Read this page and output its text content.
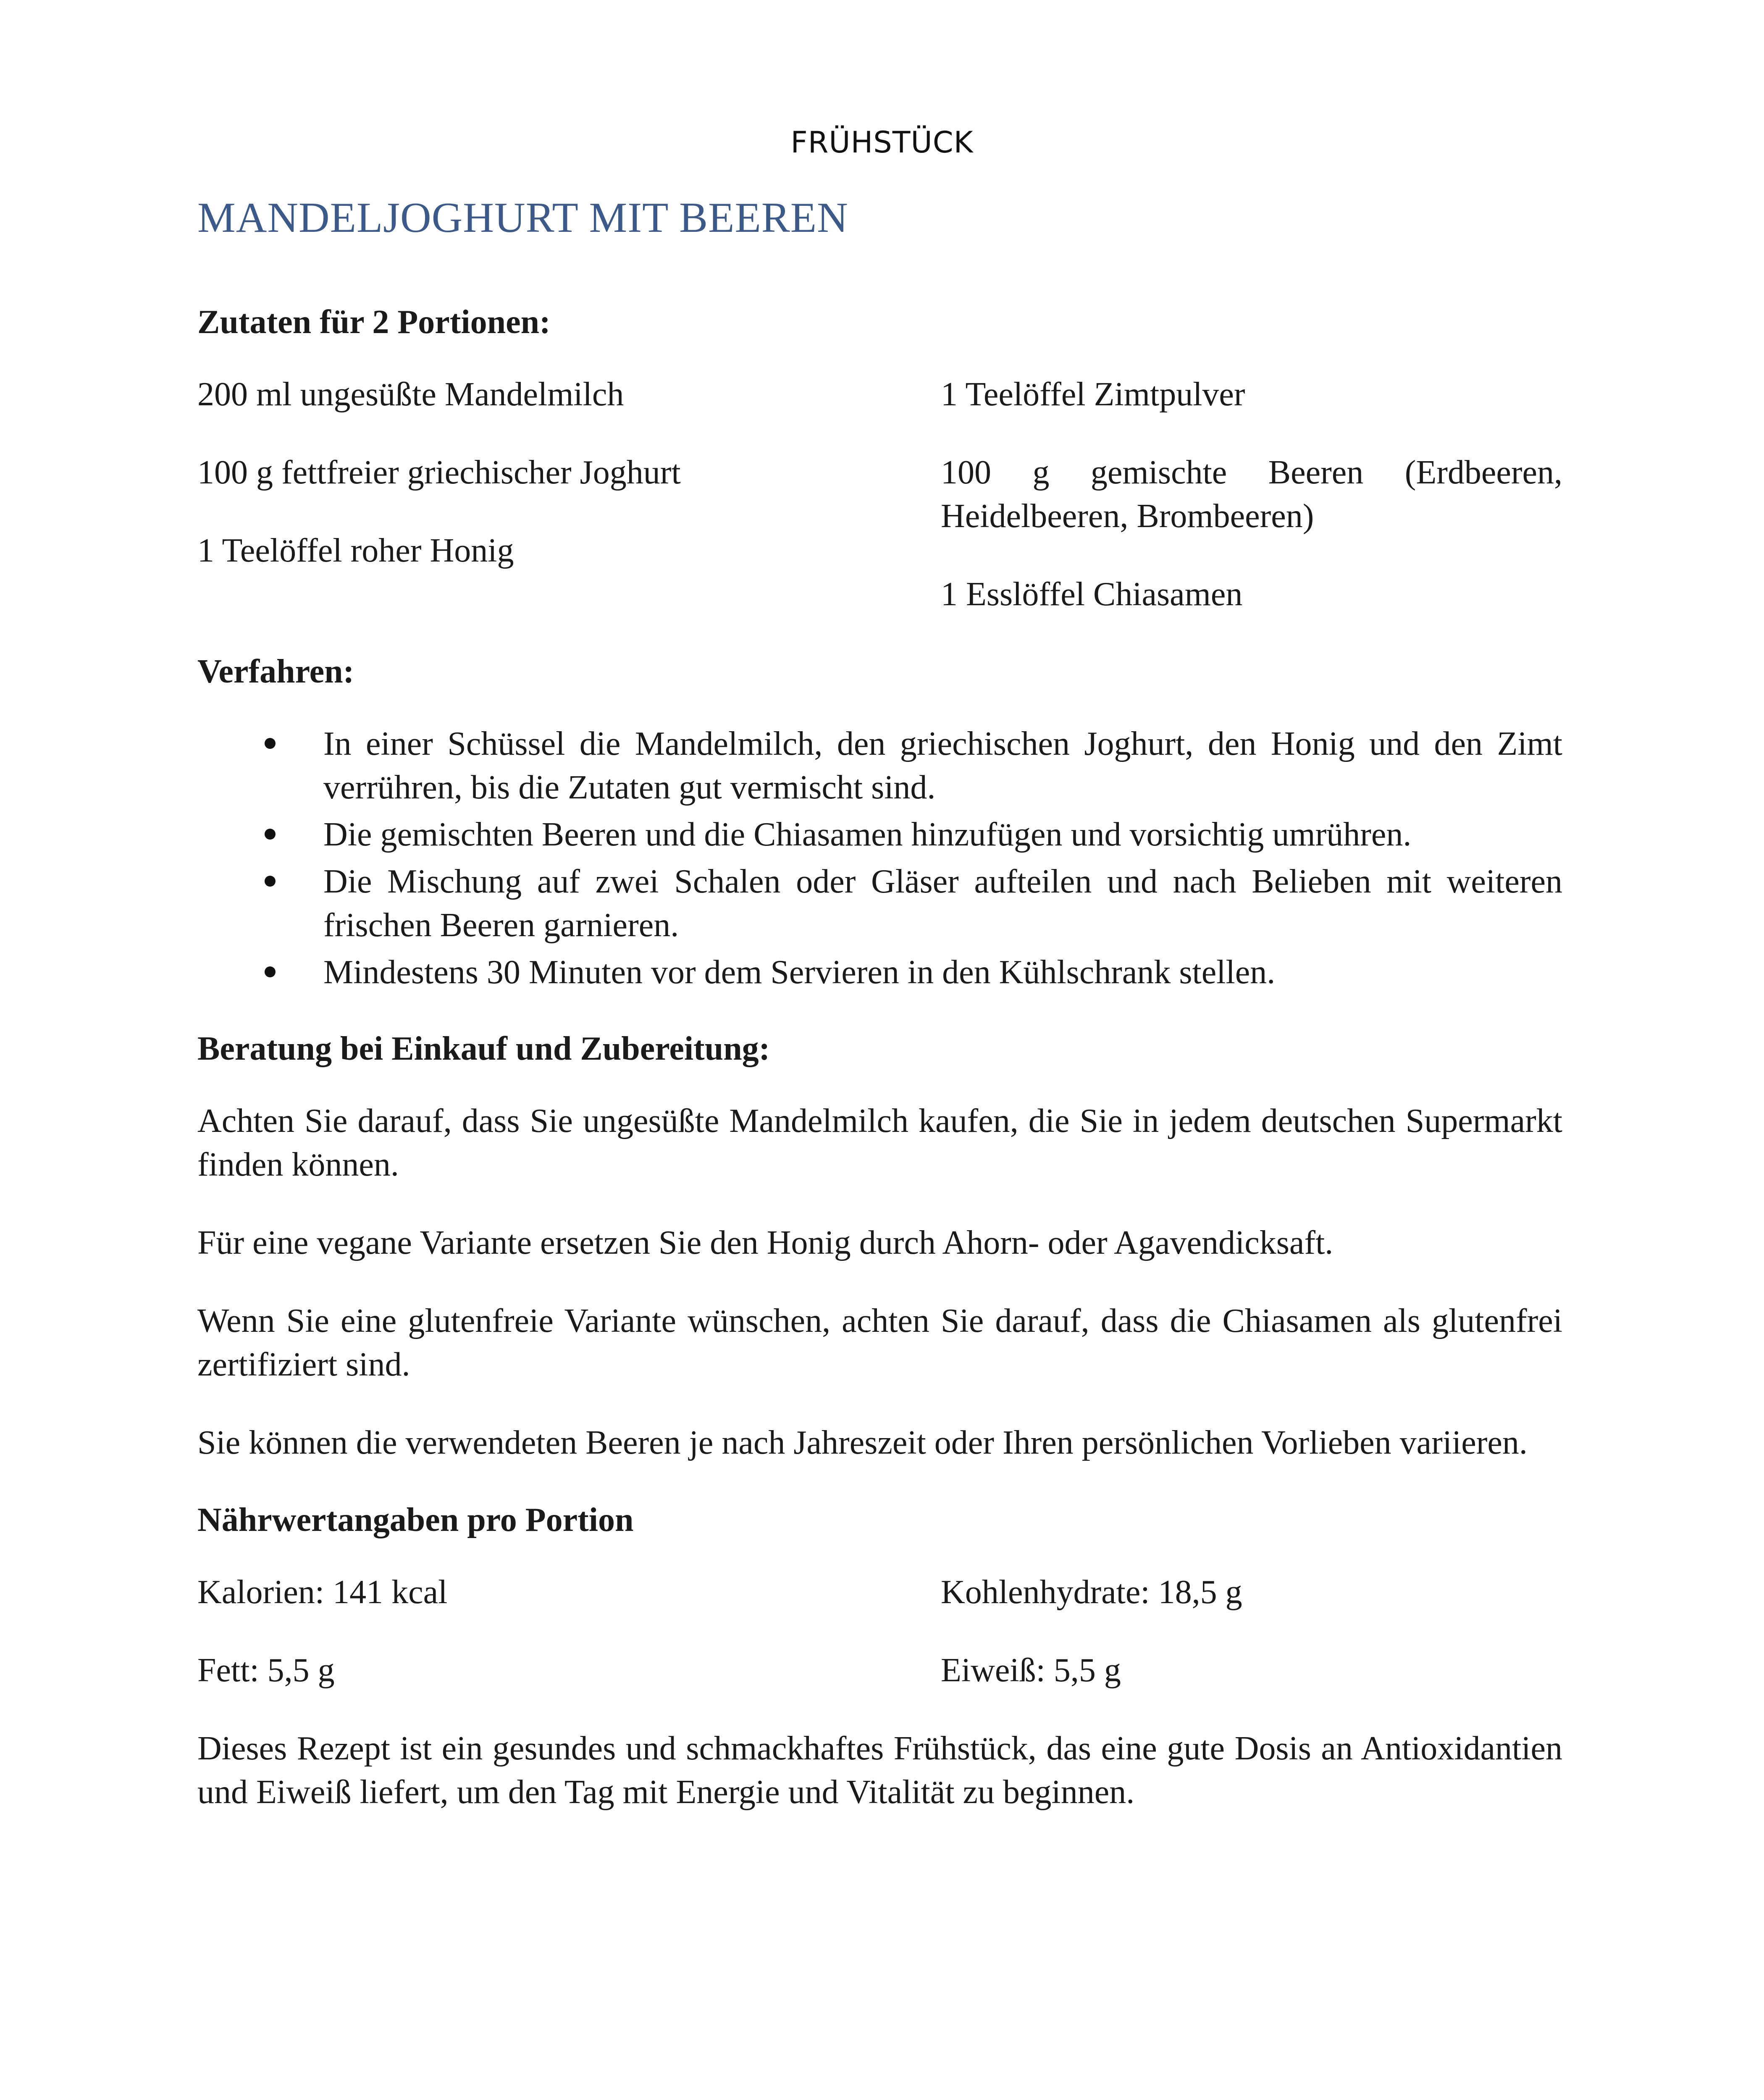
FRÜHSTÜCK
MANDELJOGHURT MIT BEEREN
Zutaten für 2 Portionen:

200 ml ungesüßte Mandelmilch

100 g fettfreier griechischer Joghurt

1 Teelöffel roher Honig

1 Teelöffel Zimtpulver

100 g gemischte Beeren (Erdbeeren, Heidelbeeren, Brombeeren)

1 Esslöffel Chiasamen

Verfahren:
In einer Schüssel die Mandelmilch, den griechischen Joghurt, den Honig und den Zimt verrühren, bis die Zutaten gut vermischt sind.
Die gemischten Beeren und die Chiasamen hinzufügen und vorsichtig umrühren.
Die Mischung auf zwei Schalen oder Gläser aufteilen und nach Belieben mit weiteren frischen Beeren garnieren.
Mindestens 30 Minuten vor dem Servieren in den Kühlschrank stellen.
Beratung bei Einkauf und Zubereitung:

Achten Sie darauf, dass Sie ungesüßte Mandelmilch kaufen, die Sie in jedem deutschen Supermarkt finden können.

Für eine vegane Variante ersetzen Sie den Honig durch Ahorn- oder Agavendicksaft.

Wenn Sie eine glutenfreie Variante wünschen, achten Sie darauf, dass die Chiasamen als glutenfrei zertifiziert sind.

Sie können die verwendeten Beeren je nach Jahreszeit oder Ihren persönlichen Vorlieben variieren.

Nährwertangaben pro Portion

Kalorien: 141 kcal

Fett: 5,5 g

Kohlenhydrate: 18,5 g

Eiweiß: 5,5 g

Dieses Rezept ist ein gesundes und schmackhaftes Frühstück, das eine gute Dosis an Antioxidantien und Eiweiß liefert, um den Tag mit Energie und Vitalität zu beginnen.
